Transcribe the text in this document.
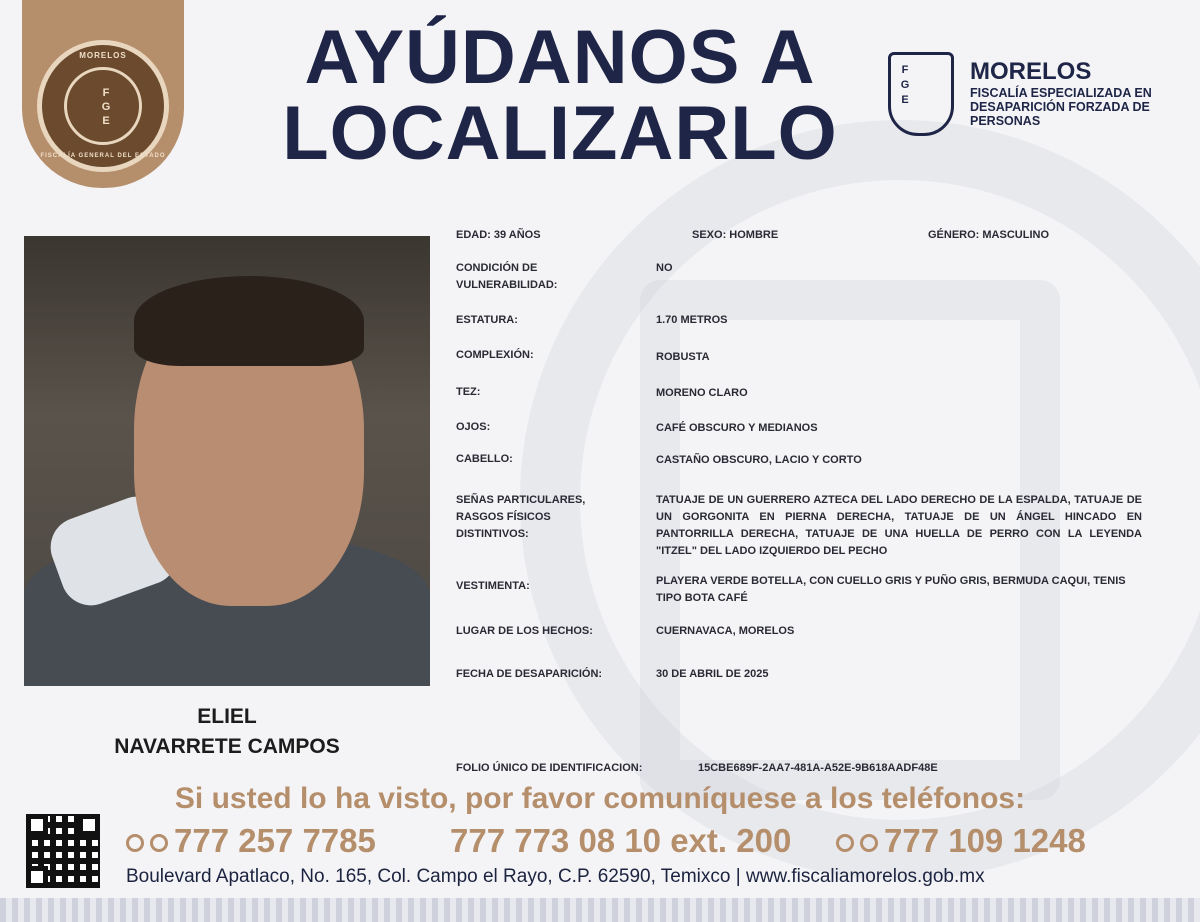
MORELOS
FISCALÍA GENERAL DEL ESTADO
F
G
E
AYÚDANOS A
LOCALIZARLO
F
G
E
MORELOS
FISCALÍA ESPECIALIZADA EN DESAPARICIÓN FORZADA DE PERSONAS
ELIEL
NAVARRETE CAMPOS
EDAD: 39 AÑOS	SEXO: HOMBRE	GÉNERO: MASCULINO
CONDICIÓN DE VULNERABILIDAD:
NO
ESTATURA:	1.70 METROS
COMPLEXIÓN:	ROBUSTA
TEZ:	MORENO CLARO
OJOS:	CAFÉ OBSCURO Y MEDIANOS
CABELLO:	CASTAÑO OBSCURO, LACIO Y CORTO
SEÑAS PARTICULARES, RASGOS FÍSICOS DISTINTIVOS:
TATUAJE DE UN GUERRERO AZTECA DEL LADO DERECHO DE LA ESPALDA, TATUAJE DE UN GORGONITA EN PIERNA DERECHA, TATUAJE DE UN ÁNGEL HINCADO EN PANTORRILLA DERECHA, TATUAJE DE UNA HUELLA DE PERRO CON LA LEYENDA "ITZEL" DEL LADO IZQUIERDO DEL PECHO
VESTIMENTA:	PLAYERA VERDE BOTELLA, CON CUELLO GRIS Y PUÑO GRIS, BERMUDA CAQUI, TENIS TIPO BOTA CAFÉ
LUGAR DE LOS HECHOS:	CUERNAVACA, MORELOS
FECHA DE DESAPARICIÓN:	30 DE ABRIL DE 2025
FOLIO ÚNICO DE IDENTIFICACION:	15CBE689F-2AA7-481A-A52E-9B618AADF48E
Si usted lo ha visto, por favor comuníquese a los teléfonos:
777 257 7785 777 773 08 10 ext. 200	777 109 1248
Boulevard Apatlaco, No. 165, Col. Campo el Rayo, C.P. 62590, Temixco | www.fiscaliamorelos.gob.mx
